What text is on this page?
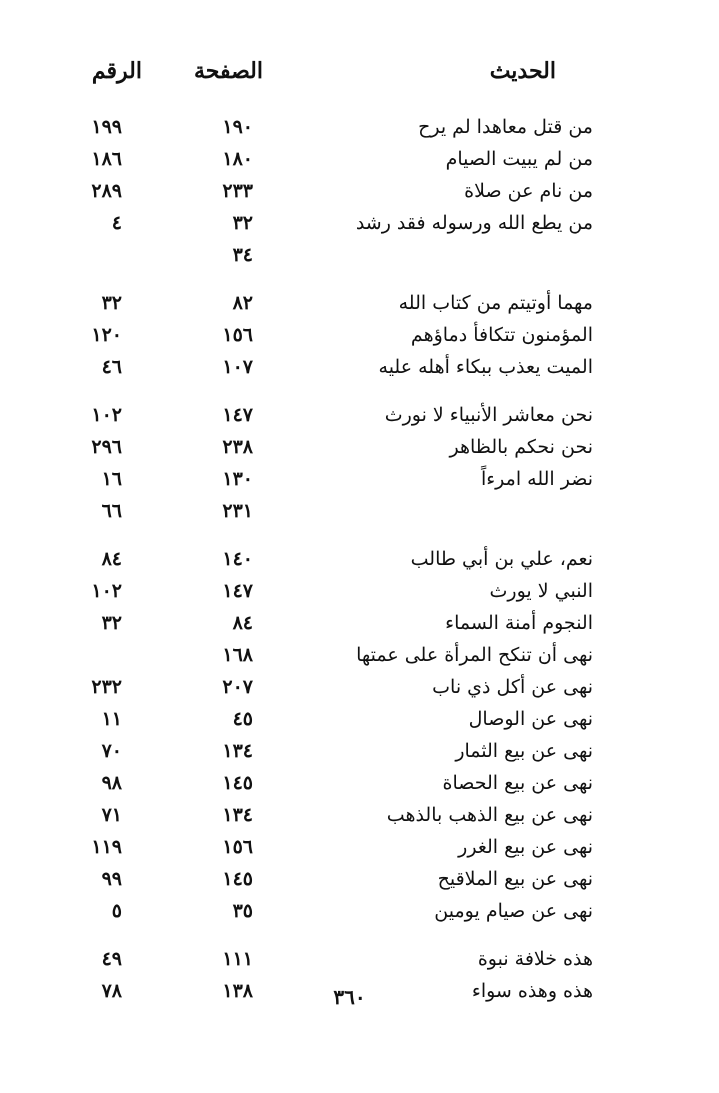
الحديث
الصفحة
الرقم
من قتل معاهدا لم يرح
١٩٠
١٩٩
من لم يبيت الصيام
١٨٠
١٨٦
من نام عن صلاة
٢٣٣
٢٨٩
من يطع الله ورسوله فقد رشد
٣٢
٤
٣٤
مهما أوتيتم من كتاب الله
٨٢
٣٢
المؤمنون تتكافأ دماؤهم
١٥٦
١٢٠
الميت يعذب ببكاء أهله عليه
١٠٧
٤٦
نحن معاشر الأنبياء لا نورث
١٤٧
١٠٢
نحن نحكم بالظاهر
٢٣٨
٢٩٦
نضر الله امرءاً
١٣٠
١٦
٢٣١
٦٦
نعم، علي بن أبي طالب
١٤٠
٨٤
النبي لا يورث
١٤٧
١٠٢
النجوم أمنة السماء
٨٤
٣٢
نهى أن تنكح المرأة على عمتها
١٦٨
نهى عن أكل ذي ناب
٢٠٧
٢٣٢
نهى عن الوصال
٤٥
١١
نهى عن بيع الثمار
١٣٤
٧٠
نهى عن بيع الحصاة
١٤٥
٩٨
نهى عن بيع الذهب بالذهب
١٣٤
٧١
نهى عن بيع الغرر
١٥٦
١١٩
نهى عن بيع الملاقيح
١٤٥
٩٩
نهى عن صيام يومين
٣٥
٥
هذه خلافة نبوة
١١١
٤٩
هذه وهذه سواء
١٣٨
٧٨	٣٦٠
